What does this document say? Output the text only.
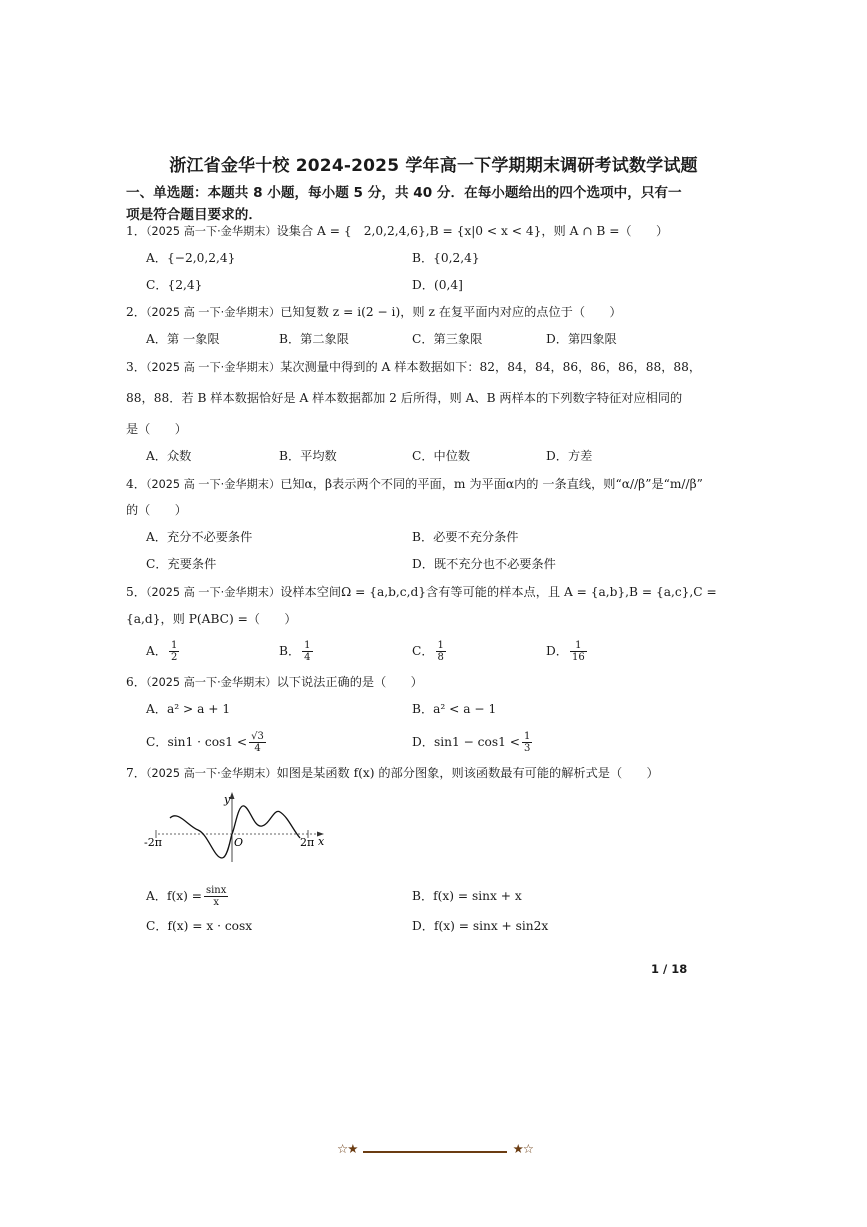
浙江省金华十校 2024-2025 学年高一下学期期末调研考试数学试题
一、单选题：本题共 8 小题，每小题 5 分，共 40 分．在每小题给出的四个选项中，只有一项是符合题目要求的．
1．（2025 高一下·金华期末）设集合 A = {　2,0,2,4,6},B = {x|0 < x < 4}，则 A ∩ B =（　　）
A．{−2,0,2,4}	B．{0,2,4}
C．{2,4}	D．(0,4]
2．（2025 高 一下·金华期末）已知复数 z = i(2 − i)，则 z 在复平面内对应的点位于（　　）
A．第 一象限	B．第二象限	C．第三象限	D．第四象限
3．（2025 高 一下·金华期末）某次测量中得到的 A 样本数据如下：82，84，84，86，86，86，88，88，
88，88．若 B 样本数据恰好是 A 样本数据都加 2 后所得，则 A、B 两样本的下列数字特征对应相同的
是（　　）
A．众数	B．平均数	C．中位数	D．方差
4．（2025 高 一下·金华期末）已知α，β表示两个不同的平面，m 为平面α内的 一条直线，则“α//β”是“m//β”
的（　　）
A．充分不必要条件	B．必要不充分条件
C．充要条件	D．既不充分也不必要条件
5．（2025 高 一下·金华期末）设样本空间Ω = {a,b,c,d}含有等可能的样本点，且 A = {a,b},B = {a,c},C =
{a,d}，则 P(ABC) =（　　）
A． $\frac{1}{2}$	B． $\frac{1}{4}$	C． $\frac{1}{8}$	D． $\frac{1}{16}$
6．（2025 高一下·金华期末）以下说法正确的是（　　）
A．a² > a + 1	B．a² < a − 1
C．$\sin 1 \cdot \cos 1 < \frac{√3}{4}$	D．$\sin 1 - \cos 1 < \frac{1}{3}$
7．（2025 高一下·金华期末）如图是某函数 f(x) 的部分图象，则该函数最有可能的解析式是（　　）
y
x
O
-2π	2π
A．$f(x) = \frac{\sin x}{x}$	B．f(x) = sinx + x
C．f(x) = x · cosx	D．f(x) = sinx + sin2x
1 / 18
☆★	★☆
